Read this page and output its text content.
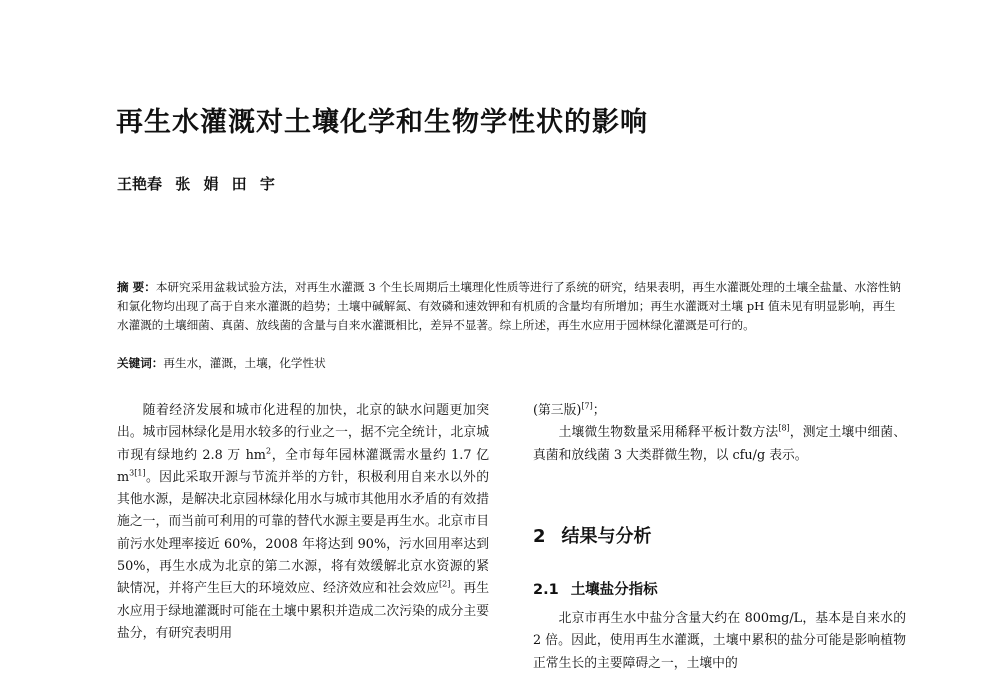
再生水灌溉对土壤化学和生物学性状的影响
王艳春 张 娟 田 宇
摘 要：本研究采用盆栽试验方法，对再生水灌溉 3 个生长周期后土壤理化性质等进行了系统的研究，结果表明，再生水灌溉处理的土壤全盐量、水溶性钠和氯化物均出现了高于自来水灌溉的趋势；土壤中碱解氮、有效磷和速效钾和有机质的含量均有所增加；再生水灌溉对土壤 pH 值未见有明显影响，再生水灌溉的土壤细菌、真菌、放线菌的含量与自来水灌溉相比，差异不显著。综上所述，再生水应用于园林绿化灌溉是可行的。
关键词：再生水，灌溉，土壤，化学性状

随着经济发展和城市化进程的加快，北京的缺水问题更加突出。城市园林绿化是用水较多的行业之一，据不完全统计，北京城市现有绿地约 2.8 万 $hm^2$，全市每年园林灌溉需水量约 1.7 亿 $m^{3[1]}$。因此采取开源与节流并举的方针，积极利用自来水以外的其他水源，是解决北京园林绿化用水与城市其他用水矛盾的有效措施之一，而当前可利用的可靠的替代水源主要是再生水。北京市目前污水处理率接近 60%，2008 年将达到 90%，污水回用率达到 50%，再生水成为北京的第二水源，将有效缓解北京水资源的紧缺情况，并将产生巨大的环境效应、经济效应和社会效应[2]。再生水应用于绿地灌溉时可能在土壤中累积并造成二次污染的成分主要盐分，有研究表明用

(第三版)[7]；

土壤微生物数量采用稀释平板计数方法[8]，测定土壤中细菌、真菌和放线菌 3 大类群微生物，以 cfu/g 表示。

2 结果与分析
2.1 土壤盐分指标

北京市再生水中盐分含量大约在 800mg/L，基本是自来水的 2 倍。因此，使用再生水灌溉，土壤中累积的盐分可能是影响植物正常生长的主要障碍之一，土壤中的
